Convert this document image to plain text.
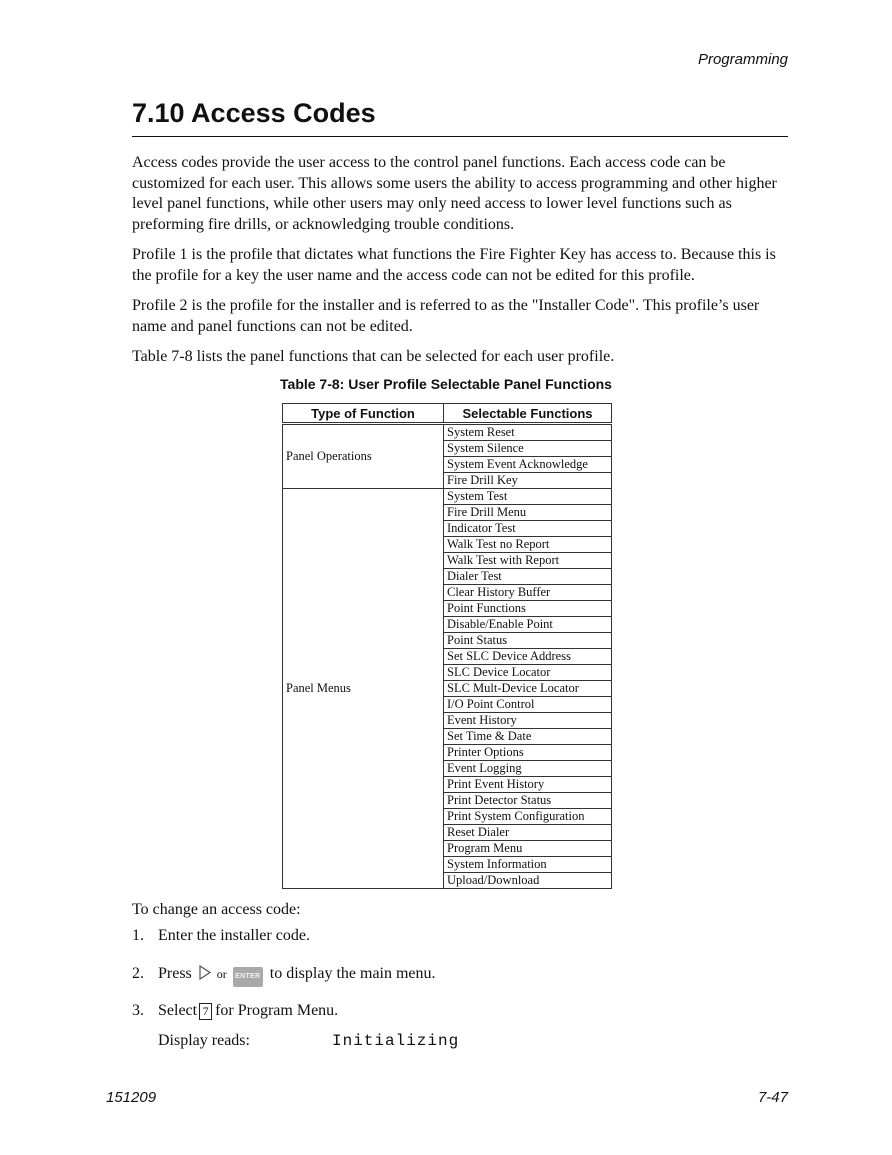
Programming
7.10 Access Codes

Access codes provide the user access to the control panel functions. Each access code can be customized for each user. This allows some users the ability to access programming and other higher level panel functions, while other users may only need access to lower level functions such as preforming fire drills, or acknowledging trouble conditions.

Profile 1 is the profile that dictates what functions the Fire Fighter Key has access to. Because this is the profile for a key the user name and the access code can not be edited for this profile.

Profile 2 is the profile for the installer and is referred to as the "Installer Code". This profile’s user name and panel functions can not be edited.

Table 7-8 lists the panel functions that can be selected for each user profile.

Table 7-8: User Profile Selectable Panel Functions
Type of Function	Selectable Functions
Panel Operations	System Reset
	System Silence
	System Event Acknowledge
	Fire Drill Key
Panel Menus	System Test
	Fire Drill Menu
	Indicator Test
	Walk Test no Report
	Walk Test with Report
	Dialer Test
	Clear History Buffer
	Point Functions
	Disable/Enable Point
	Point Status
	Set SLC Device Address
	SLC Device Locator
	SLC Mult-Device Locator
	I/O Point Control
	Event History
	Set Time & Date
	Printer Options
	Event Logging
	Print Event History
	Print Detector Status
	Print System Configuration
	Reset Dialer
	Program Menu
	System Information
	Upload/Download

To change an access code:

1. Enter the installer code.

2. Press or ENTER to display the main menu.

3. Select 7 for Program Menu.

Display reads:	Initializing
151209	7-47
